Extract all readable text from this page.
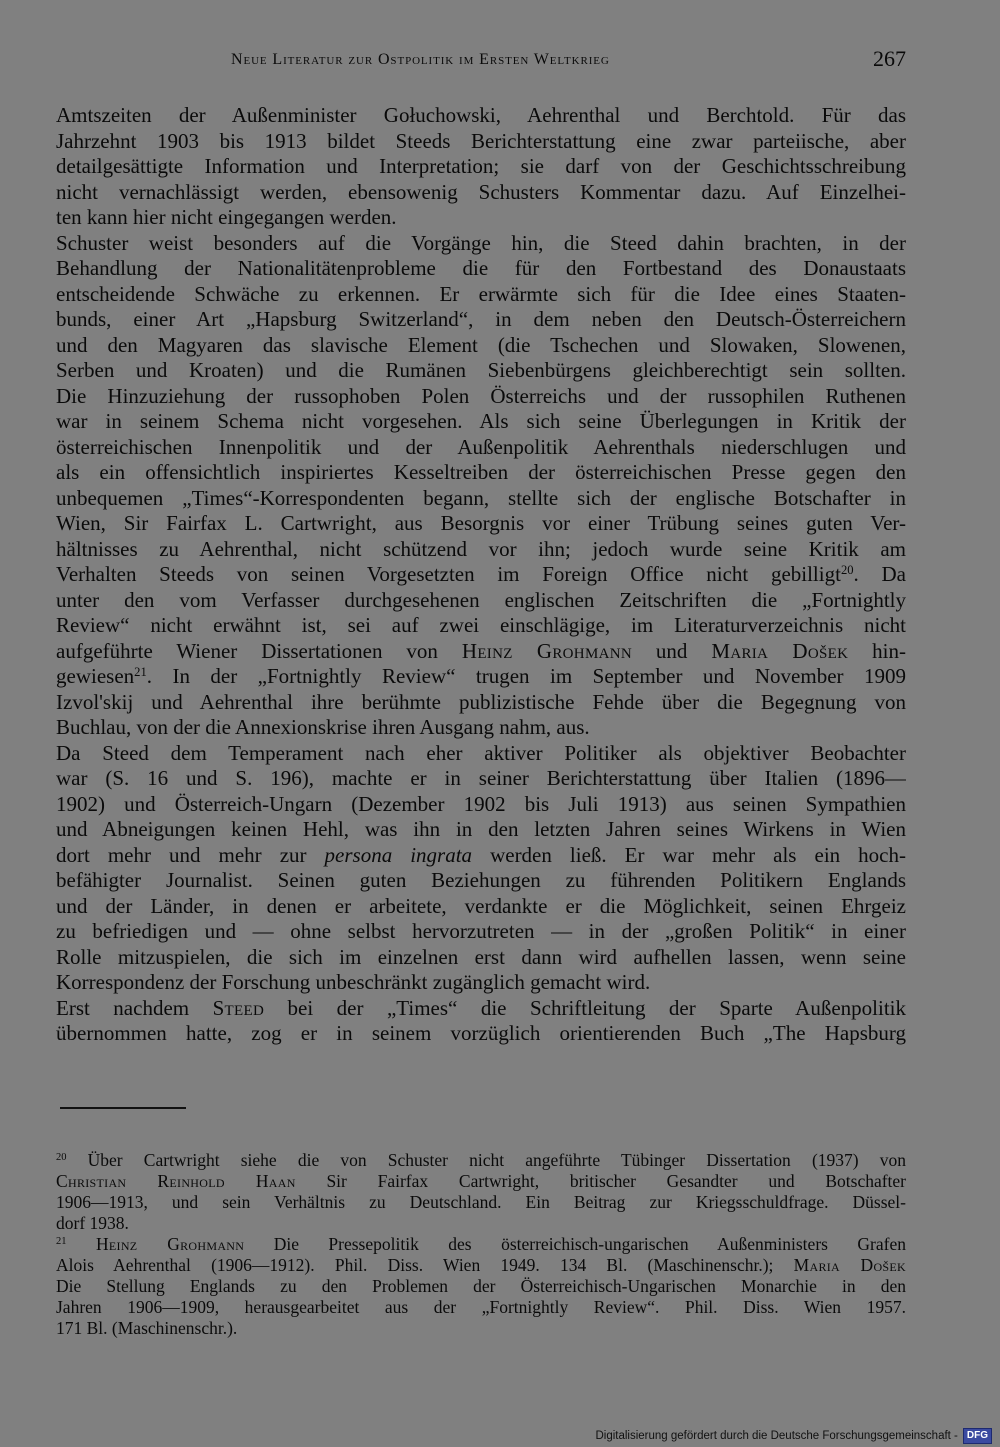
Neue Literatur zur Ostpolitik im Ersten Weltkrieg	267
Amtszeiten der Außenminister Gołuchowski, Aehrenthal und Berchtold. Für das
Jahrzehnt 1903 bis 1913 bildet Steeds Berichterstattung eine zwar parteiische, aber
detailgesättigte Information und Interpretation; sie darf von der Geschichtsschreibung
nicht vernachlässigt werden, ebensowenig Schusters Kommentar dazu. Auf Einzelhei-
ten kann hier nicht eingegangen werden.
Schuster weist besonders auf die Vorgänge hin, die Steed dahin brachten, in der
Behandlung der Nationalitätenprobleme die für den Fortbestand des Donaustaats
entscheidende Schwäche zu erkennen. Er erwärmte sich für die Idee eines Staaten-
bunds, einer Art „Hapsburg Switzerland“, in dem neben den Deutsch-Österreichern
und den Magyaren das slavische Element (die Tschechen und Slowaken, Slowenen,
Serben und Kroaten) und die Rumänen Siebenbürgens gleichberechtigt sein sollten.
Die Hinzuziehung der russophoben Polen Österreichs und der russophilen Ruthenen
war in seinem Schema nicht vorgesehen. Als sich seine Überlegungen in Kritik der
österreichischen Innenpolitik und der Außenpolitik Aehrenthals niederschlugen und
als ein offensichtlich inspiriertes Kesseltreiben der österreichischen Presse gegen den
unbequemen „Times“-Korrespondenten begann, stellte sich der englische Botschafter in
Wien, Sir Fairfax L. Cartwright, aus Besorgnis vor einer Trübung seines guten Ver-
hältnisses zu Aehrenthal, nicht schützend vor ihn; jedoch wurde seine Kritik am
Verhalten Steeds von seinen Vorgesetzten im Foreign Office nicht gebilligt$^{20}$. Da
unter den vom Verfasser durchgesehenen englischen Zeitschriften die „Fortnightly
Review“ nicht erwähnt ist, sei auf zwei einschlägige, im Literaturverzeichnis nicht
aufgeführte Wiener Dissertationen von Heinz Grohmann und Maria Došek hin-
gewiesen$^{21}$. In der „Fortnightly Review“ trugen im September und November 1909
Izvol'skij und Aehrenthal ihre berühmte publizistische Fehde über die Begegnung von
Buchlau, von der die Annexionskrise ihren Ausgang nahm, aus.
Da Steed dem Temperament nach eher aktiver Politiker als objektiver Beobachter
war (S. 16 und S. 196), machte er in seiner Berichterstattung über Italien (1896—
1902) und Österreich-Ungarn (Dezember 1902 bis Juli 1913) aus seinen Sympathien
und Abneigungen keinen Hehl, was ihn in den letzten Jahren seines Wirkens in Wien
dort mehr und mehr zur persona ingrata werden ließ. Er war mehr als ein hoch-
befähigter Journalist. Seinen guten Beziehungen zu führenden Politikern Englands
und der Länder, in denen er arbeitete, verdankte er die Möglichkeit, seinen Ehrgeiz
zu befriedigen und — ohne selbst hervorzutreten — in der „großen Politik“ in einer
Rolle mitzuspielen, die sich im einzelnen erst dann wird aufhellen lassen, wenn seine
Korrespondenz der Forschung unbeschränkt zugänglich gemacht wird.
Erst nachdem Steed bei der „Times“ die Schriftleitung der Sparte Außenpolitik
übernommen hatte, zog er in seinem vorzüglich orientierenden Buch „The Hapsburg
$^{20}$ Über Cartwright siehe die von Schuster nicht angeführte Tübinger Dissertation (1937) von
Christian Reinhold Haan Sir Fairfax Cartwright, britischer Gesandter und Botschafter
1906—1913, und sein Verhältnis zu Deutschland. Ein Beitrag zur Kriegsschuldfrage. Düssel-
dorf 1938.
$^{21}$ Heinz Grohmann Die Pressepolitik des österreichisch-ungarischen Außenministers Grafen
Alois Aehrenthal (1906—1912). Phil. Diss. Wien 1949. 134 Bl. (Maschinenschr.); Maria Došek
Die Stellung Englands zu den Problemen der Österreichisch-Ungarischen Monarchie in den
Jahren 1906—1909, herausgearbeitet aus der „Fortnightly Review“. Phil. Diss. Wien 1957.
171 Bl. (Maschinenschr.).
Digitalisierung gefördert durch die Deutsche Forschungsgemeinschaft - DFG
